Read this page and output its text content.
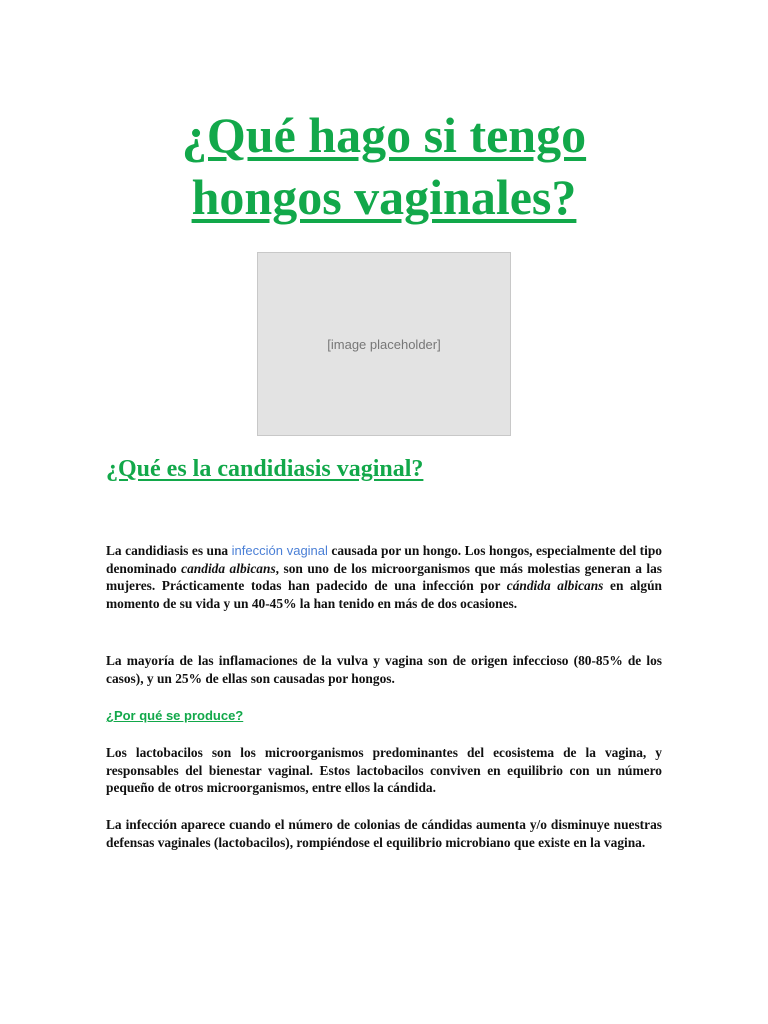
¿Qué hago si tengo
hongos vaginales?
[image placeholder]
¿Qué es la candidiasis vaginal?

La candidiasis es una infección vaginal causada por un hongo. Los hongos, especialmente del tipo denominado candida albicans, son uno de los microorganismos que más molestias generan a las mujeres. Prácticamente todas han padecido de una infección por cándida albicans en algún momento de su vida y un 40-45% la han tenido en más de dos ocasiones.

La mayoría de las inflamaciones de la vulva y vagina son de origen infeccioso (80-85% de los casos), y un 25% de ellas son causadas por hongos.

¿Por qué se produce?

Los lactobacilos son los microorganismos predominantes del ecosistema de la vagina, y responsables del bienestar vaginal. Estos lactobacilos conviven en equilibrio con un número pequeño de otros microorganismos, entre ellos la cándida.

La infección aparece cuando el número de colonias de cándidas aumenta y/o disminuye nuestras defensas vaginales (lactobacilos), rompiéndose el equilibrio microbiano que existe en la vagina.
